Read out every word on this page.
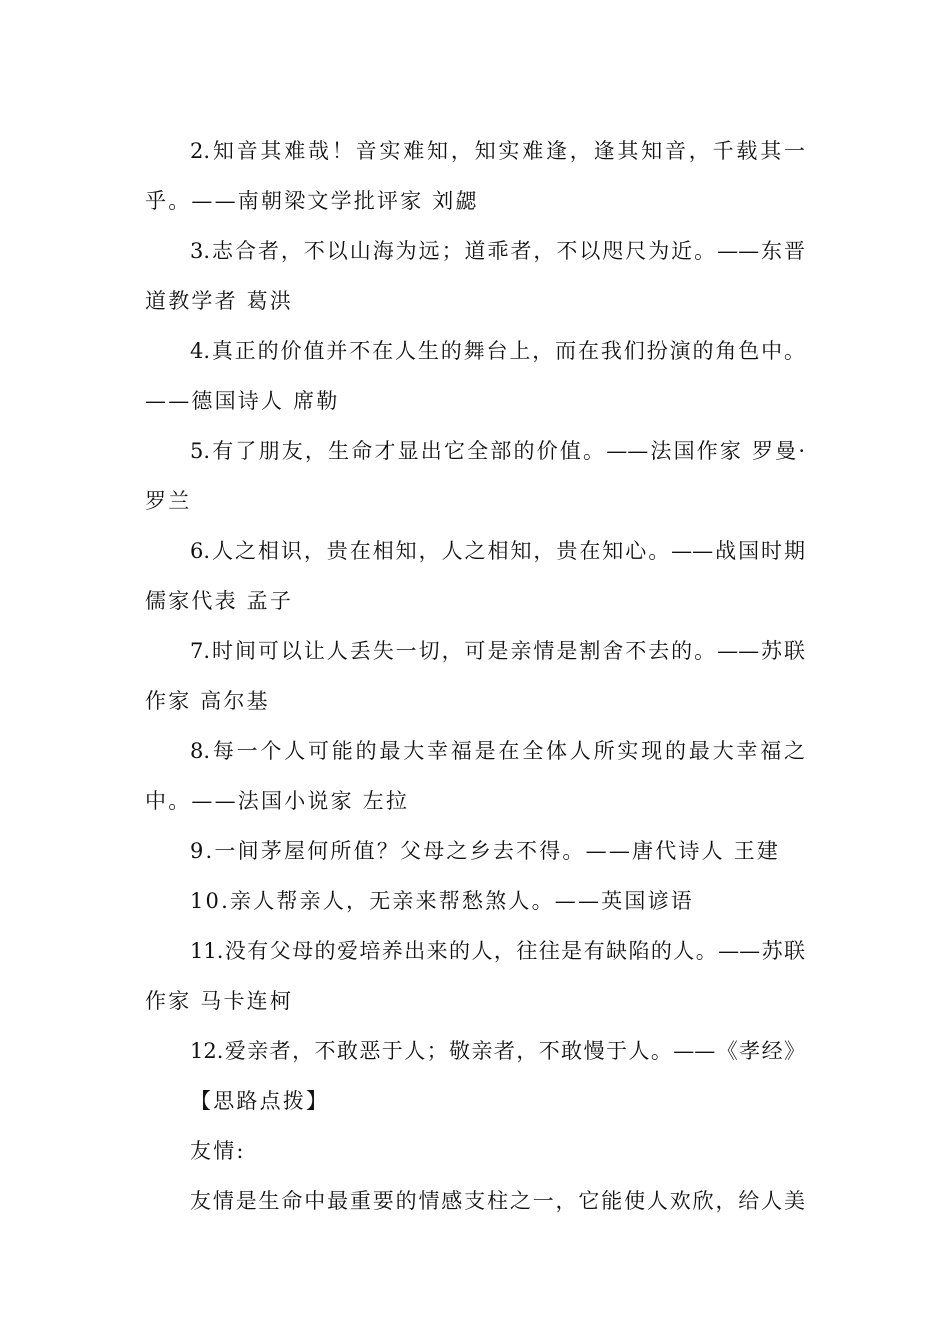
2.知音其难哉！音实难知，知实难逢，逢其知音，千载其一
乎。——南朝梁文学批评家 刘勰
3.志合者，不以山海为远；道乖者，不以咫尺为近。——东晋
道教学者 葛洪
4.真正的价值并不在人生的舞台上，而在我们扮演的角色中。
——德国诗人 席勒
5.有了朋友，生命才显出它全部的价值。——法国作家 罗曼·
罗兰
6.人之相识，贵在相知，人之相知，贵在知心。——战国时期
儒家代表 孟子
7.时间可以让人丢失一切，可是亲情是割舍不去的。——苏联
作家 高尔基
8.每一个人可能的最大幸福是在全体人所实现的最大幸福之
中。——法国小说家 左拉
9.一间茅屋何所值？父母之乡去不得。——唐代诗人 王建
10.亲人帮亲人，无亲来帮愁煞人。——英国谚语
11.没有父母的爱培养出来的人，往往是有缺陷的人。——苏联
作家 马卡连柯
12.爱亲者，不敢恶于人；敬亲者，不敢慢于人。——《孝经》
【思路点拨】
友情:
友情是生命中最重要的情感支柱之一，它能使人欢欣，给人美
